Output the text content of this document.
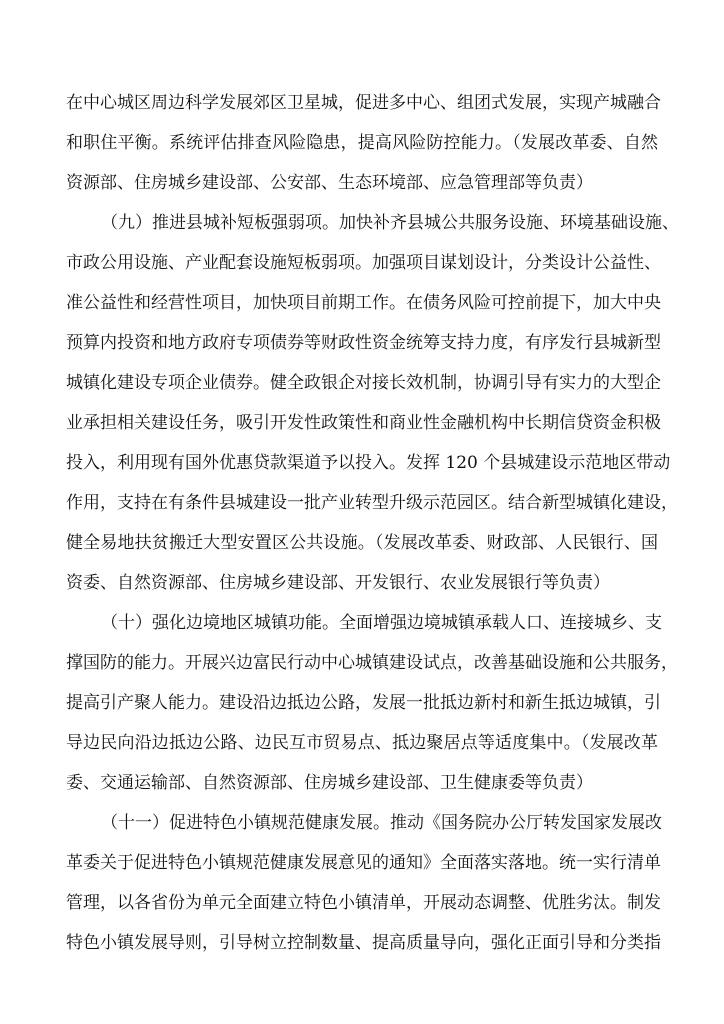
在中心城区周边科学发展郊区卫星城，促进多中心、组团式发展，实现产城融合
和职住平衡。系统评估排查风险隐患，提高风险防控能力。（发展改革委、自然
资源部、住房城乡建设部、公安部、生态环境部、应急管理部等负责）
（九）推进县城补短板强弱项。加快补齐县城公共服务设施、环境基础设施、
市政公用设施、产业配套设施短板弱项。加强项目谋划设计，分类设计公益性、
准公益性和经营性项目，加快项目前期工作。在债务风险可控前提下，加大中央
预算内投资和地方政府专项债券等财政性资金统筹支持力度，有序发行县城新型
城镇化建设专项企业债券。健全政银企对接长效机制，协调引导有实力的大型企
业承担相关建设任务，吸引开发性政策性和商业性金融机构中长期信贷资金积极
投入，利用现有国外优惠贷款渠道予以投入。发挥 120 个县城建设示范地区带动
作用，支持在有条件县城建设一批产业转型升级示范园区。结合新型城镇化建设，
健全易地扶贫搬迁大型安置区公共设施。（发展改革委、财政部、人民银行、国
资委、自然资源部、住房城乡建设部、开发银行、农业发展银行等负责）
（十）强化边境地区城镇功能。全面增强边境城镇承载人口、连接城乡、支
撑国防的能力。开展兴边富民行动中心城镇建设试点，改善基础设施和公共服务，
提高引产聚人能力。建设沿边抵边公路，发展一批抵边新村和新生抵边城镇，引
导边民向沿边抵边公路、边民互市贸易点、抵边聚居点等适度集中。（发展改革
委、交通运输部、自然资源部、住房城乡建设部、卫生健康委等负责）
（十一）促进特色小镇规范健康发展。推动《国务院办公厅转发国家发展改
革委关于促进特色小镇规范健康发展意见的通知》全面落实落地。统一实行清单
管理，以各省份为单元全面建立特色小镇清单，开展动态调整、优胜劣汰。制发
特色小镇发展导则，引导树立控制数量、提高质量导向，强化正面引导和分类指
